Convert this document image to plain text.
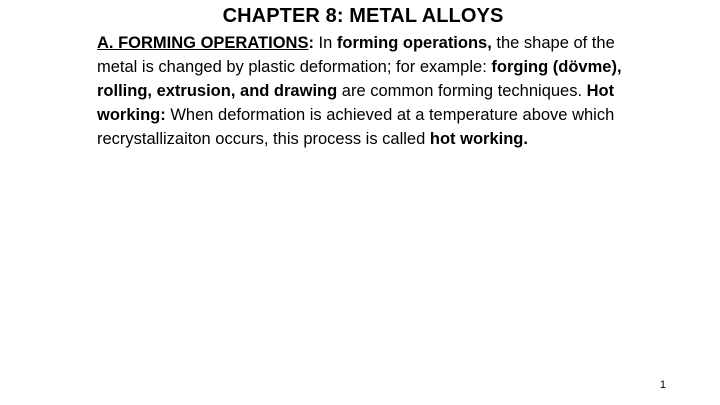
CHAPTER 8: METAL ALLOYS
A. FORMING OPERATIONS: In forming operations, the shape of the metal is changed by plastic deformation; for example: forging (dövme), rolling, extrusion, and drawing are common forming techniques. Hot working: When deformation is achieved at a temperature above which recrystallizaiton occurs, this process is called hot working.
1
